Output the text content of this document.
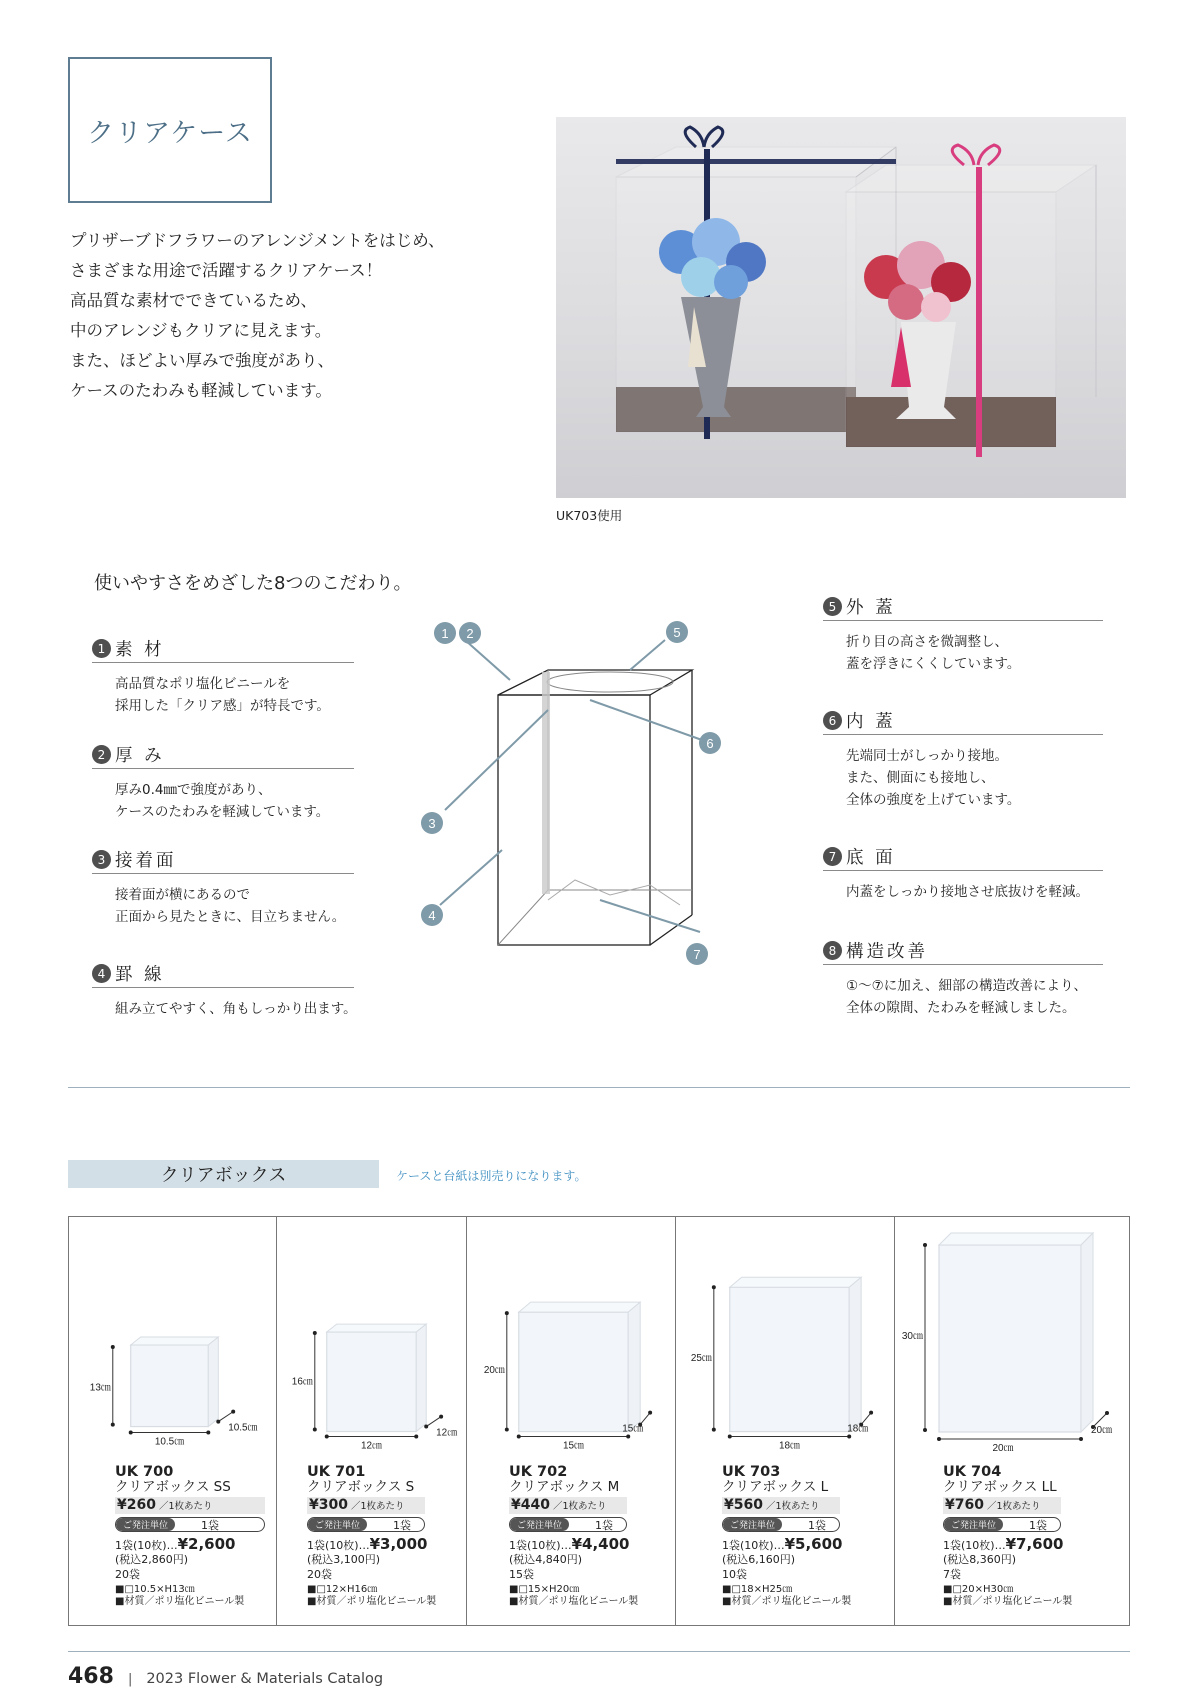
クリアケース
プリザーブドフラワーのアレンジメントをはじめ、
さまざまな用途で活躍するクリアケース！
高品質な素材でできているため、
中のアレンジもクリアに見えます。
また、ほどよい厚みで強度があり、
ケースのたわみも軽減しています。
UK703使用
使いやすさをめざした8つのこだわり。
1 素 材
高品質なポリ塩化ビニールを
採用した「クリア感」が特長です。
2 厚 み
厚み0.4㎜で強度があり、
ケースのたわみを軽減しています。
3 接着面
接着面が横にあるので
正面から見たときに、目立ちません。
4 罫 線
組み立てやすく、角もしっかり出ます。
5 外 蓋
折り目の高さを微調整し、
蓋を浮きにくくしています。
6 内 蓋
先端同士がしっかり接地。
また、側面にも接地し、
全体の強度を上げています。
7 底 面
内蓋をしっかり接地させ底抜けを軽減。
8 構造改善
①～⑦に加え、細部の構造改善により、
全体の隙間、たわみを軽減しました。
1 2
3
4
5
6
7
クリアボックス	ケースと台紙は別売りになります。
13㎝
10.5㎝
10.5㎝
UK 700
クリアボックス SS
¥260 ／1枚あたり
ご発注単位	1袋
1袋(10枚)… ¥2,600
(税込2,860円)
20袋
■□10.5×H13㎝
■材質／ポリ塩化ビニール製
16㎝
12㎝
12㎝
UK 701
クリアボックス S
¥300 ／1枚あたり
ご発注単位	1袋
1袋(10枚)… ¥3,000
(税込3,100円)
20袋
■□12×H16㎝
■材質／ポリ塩化ビニール製
20㎝
15㎝
15㎝
UK 702
クリアボックス M
¥440 ／1枚あたり
ご発注単位	1袋
1袋(10枚)… ¥4,400
(税込4,840円)
15袋
■□15×H20㎝
■材質／ポリ塩化ビニール製
25㎝
18㎝
18㎝
UK 703
クリアボックス L
¥560 ／1枚あたり
ご発注単位	1袋
1袋(10枚)… ¥5,600
(税込6,160円)
10袋
■□18×H25㎝
■材質／ポリ塩化ビニール製
30㎝
20㎝
20㎝
UK 704
クリアボックス LL
¥760 ／1枚あたり
ご発注単位	1袋
1袋(10枚)… ¥7,600
(税込8,360円)
7袋
■□20×H30㎝
■材質／ポリ塩化ビニール製
468 | 2023 Flower & Materials Catalog
